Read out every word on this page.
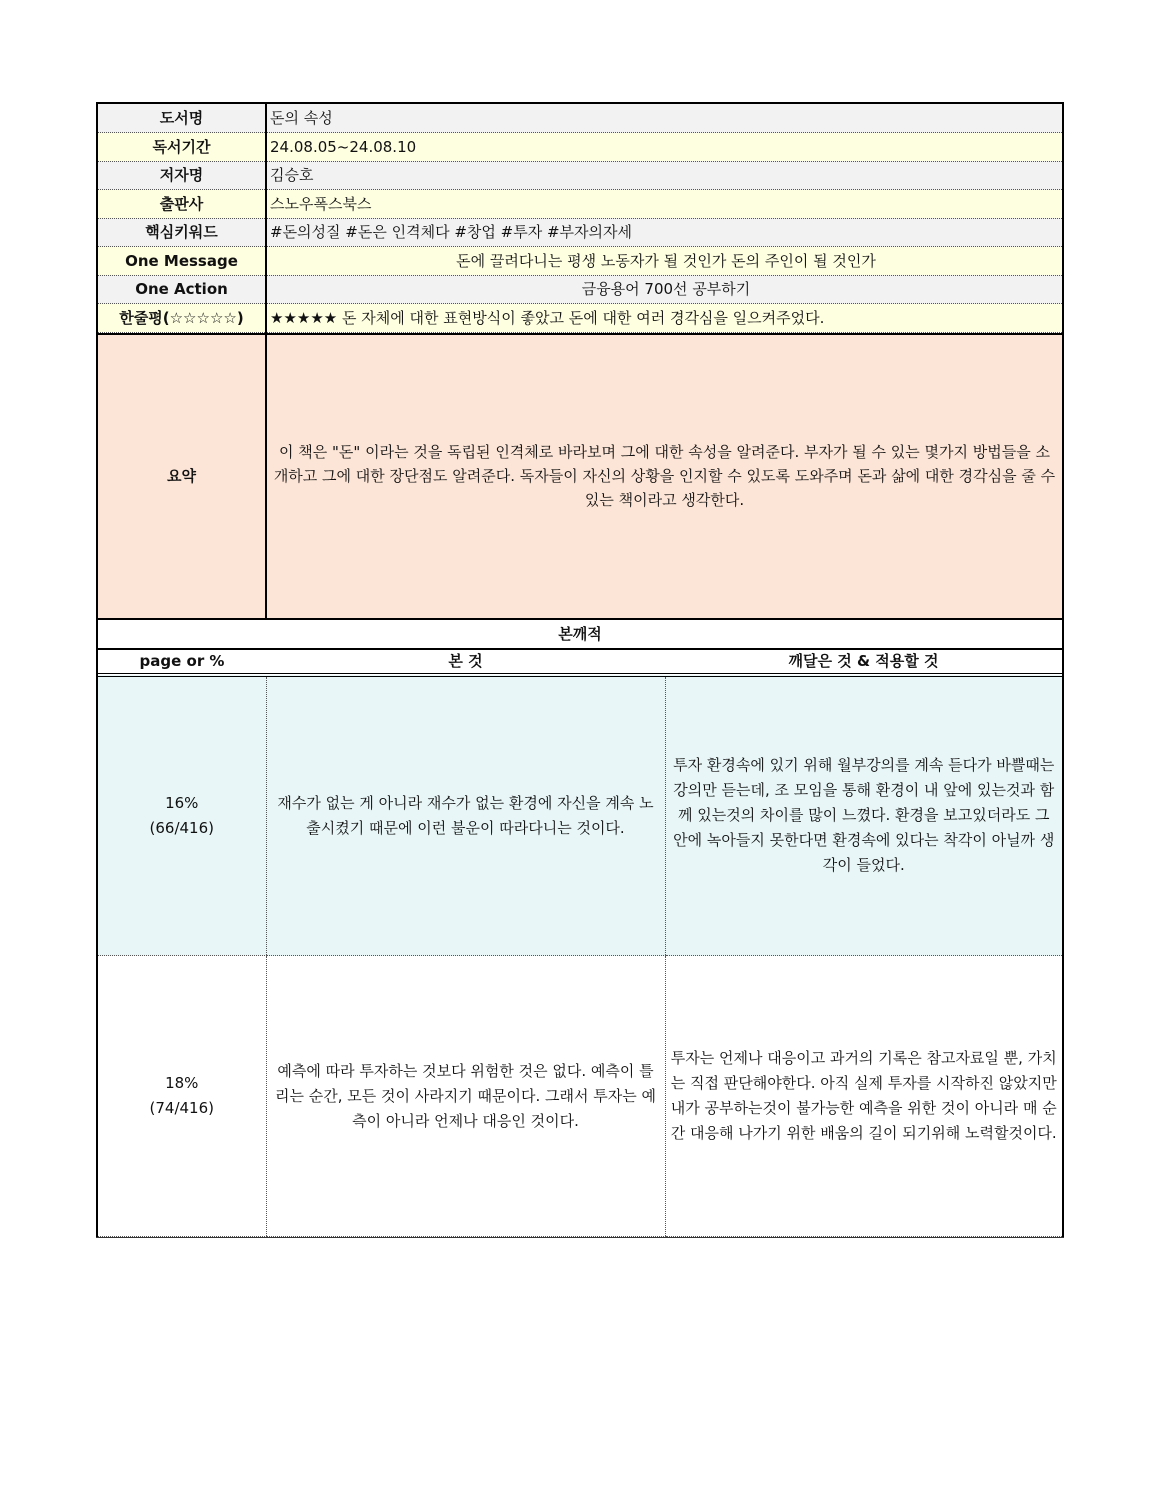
도서명	돈의 속성
독서기간	24.08.05~24.08.10
저자명	김승호
출판사	스노우폭스북스
핵심키워드	#돈의성질 #돈은 인격체다 #창업 #투자 #부자의자세
One Message	돈에 끌려다니는 평생 노동자가 될 것인가 돈의 주인이 될 것인가
One Action	금융용어 700선 공부하기
한줄평(☆☆☆☆☆)	★★★★★ 돈 자체에 대한 표현방식이 좋았고 돈에 대한 여러 경각심을 일으켜주었다.
요약	이 책은 "돈" 이라는 것을 독립된 인격체로 바라보며 그에 대한 속성을 알려준다. 부자가 될 수 있는 몇가지 방법들을 소개하고 그에 대한 장단점도 알려준다. 독자들이 자신의 상황을 인지할 수 있도록 도와주며 돈과 삶에 대한 경각심을 줄 수 있는 책이라고 생각한다.
본깨적		
page or %	본 것	깨달은 것 & 적용할 것
16%
(66/416)	재수가 없는 게 아니라 재수가 없는 환경에 자신을 계속 노출시켰기 때문에 이런 불운이 따라다니는 것이다.	투자 환경속에 있기 위해 월부강의를 계속 듣다가 바쁠때는 강의만 듣는데, 조 모임을 통해 환경이 내 앞에 있는것과 함께 있는것의 차이를 많이 느꼈다. 환경을 보고있더라도 그 안에 녹아들지 못한다면 환경속에 있다는 착각이 아닐까 생각이 들었다.
18%
(74/416)	예측에 따라 투자하는 것보다 위험한 것은 없다. 예측이 틀리는 순간, 모든 것이 사라지기 때문이다. 그래서 투자는 예측이 아니라 언제나 대응인 것이다.	투자는 언제나 대응이고 과거의 기록은 참고자료일 뿐, 가치는 직접 판단해야한다. 아직 실제 투자를 시작하진 않았지만 내가 공부하는것이 불가능한 예측을 위한 것이 아니라 매 순간 대응해 나가기 위한 배움의 길이 되기위해 노력할것이다.
